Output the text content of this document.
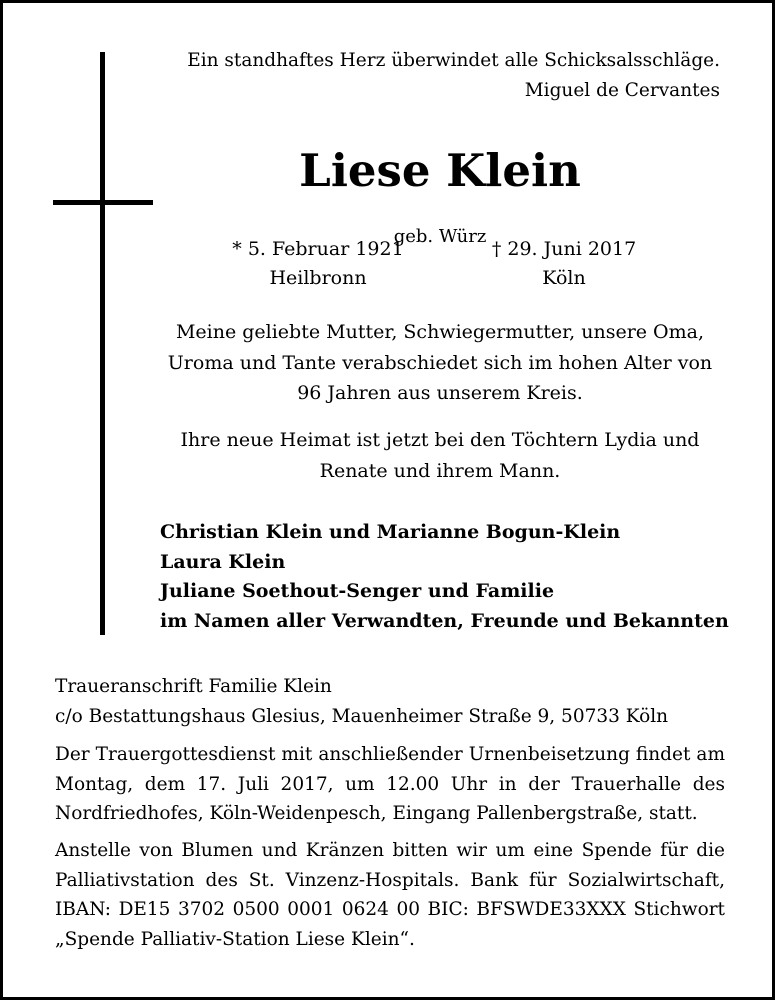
Ein standhaftes Herz überwindet alle Schicksalsschläge.
Miguel de Cervantes
Liese Klein
geb. Würz
* 5. Februar 1921
Heilbronn
† 29. Juni 2017
Köln
Meine geliebte Mutter, Schwiegermutter, unsere Oma, Uroma und Tante verabschiedet sich im hohen Alter von 96 Jahren aus unserem Kreis.
Ihre neue Heimat ist jetzt bei den Töchtern Lydia und Renate und ihrem Mann.
Christian Klein und Marianne Bogun-Klein
Laura Klein
Juliane Soethout-Senger und Familie
im Namen aller Verwandten, Freunde und Bekannten
Traueranschrift Familie Klein
c/o Bestattungshaus Glesius, Mauenheimer Straße 9, 50733 Köln
Der Trauergottesdienst mit anschließender Urnenbeisetzung findet am Montag, dem 17. Juli 2017, um 12.00 Uhr in der Trauerhalle des Nordfriedhofes, Köln-Weidenpesch, Eingang Pallenbergstraße, statt.
Anstelle von Blumen und Kränzen bitten wir um eine Spende für die Palliativstation des St. Vinzenz-Hospitals. Bank für Sozialwirtschaft, IBAN: DE15 3702 0500 0001 0624 00 BIC: BFSWDE33XXX Stichwort „Spende Palliativ-Station Liese Klein“.
